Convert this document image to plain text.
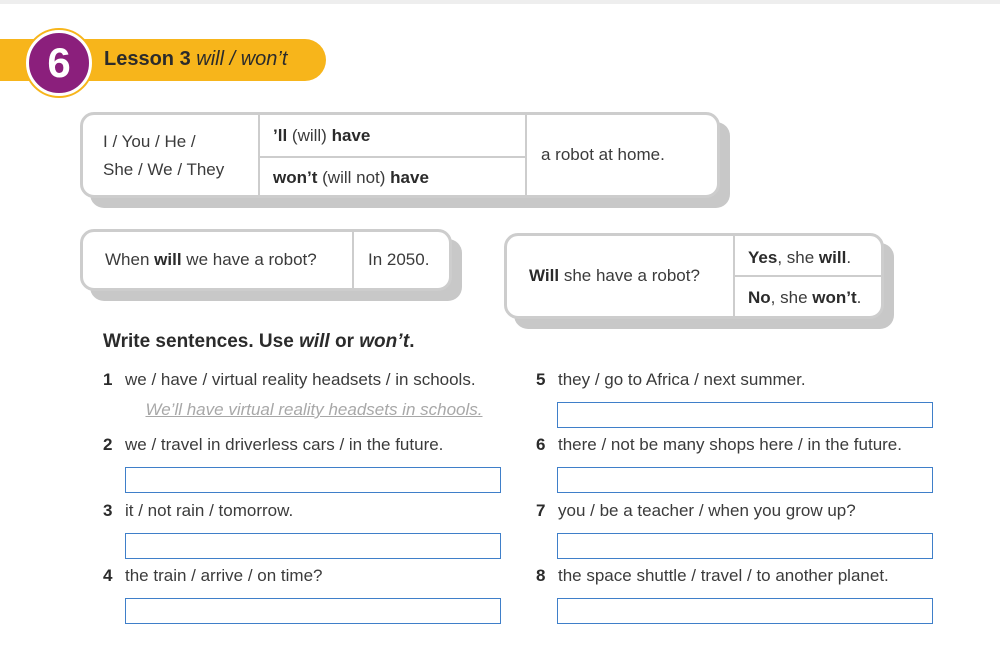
6	Lesson 3 will / won’t
I / You / He /
She / We / They
’ll
(will)
have
won’t
(will not)
have
a robot at home.
When
will
we have a robot?	In 2050.
Will
she have a robot?
Yes , she
will .
No , she
won’t .
Write sentences. Use will or won’t.
1 we / have / virtual reality headsets / in schools.
We’ll have virtual reality headsets in schools.
2 we / travel in driverless cars / in the future.
3 it / not rain / tomorrow.
4 the train / arrive / on time?
5 they / go to Africa / next summer.
6 there / not be many shops here / in the future.
7 you / be a teacher / when you grow up?
8 the space shuttle / travel / to another planet.
